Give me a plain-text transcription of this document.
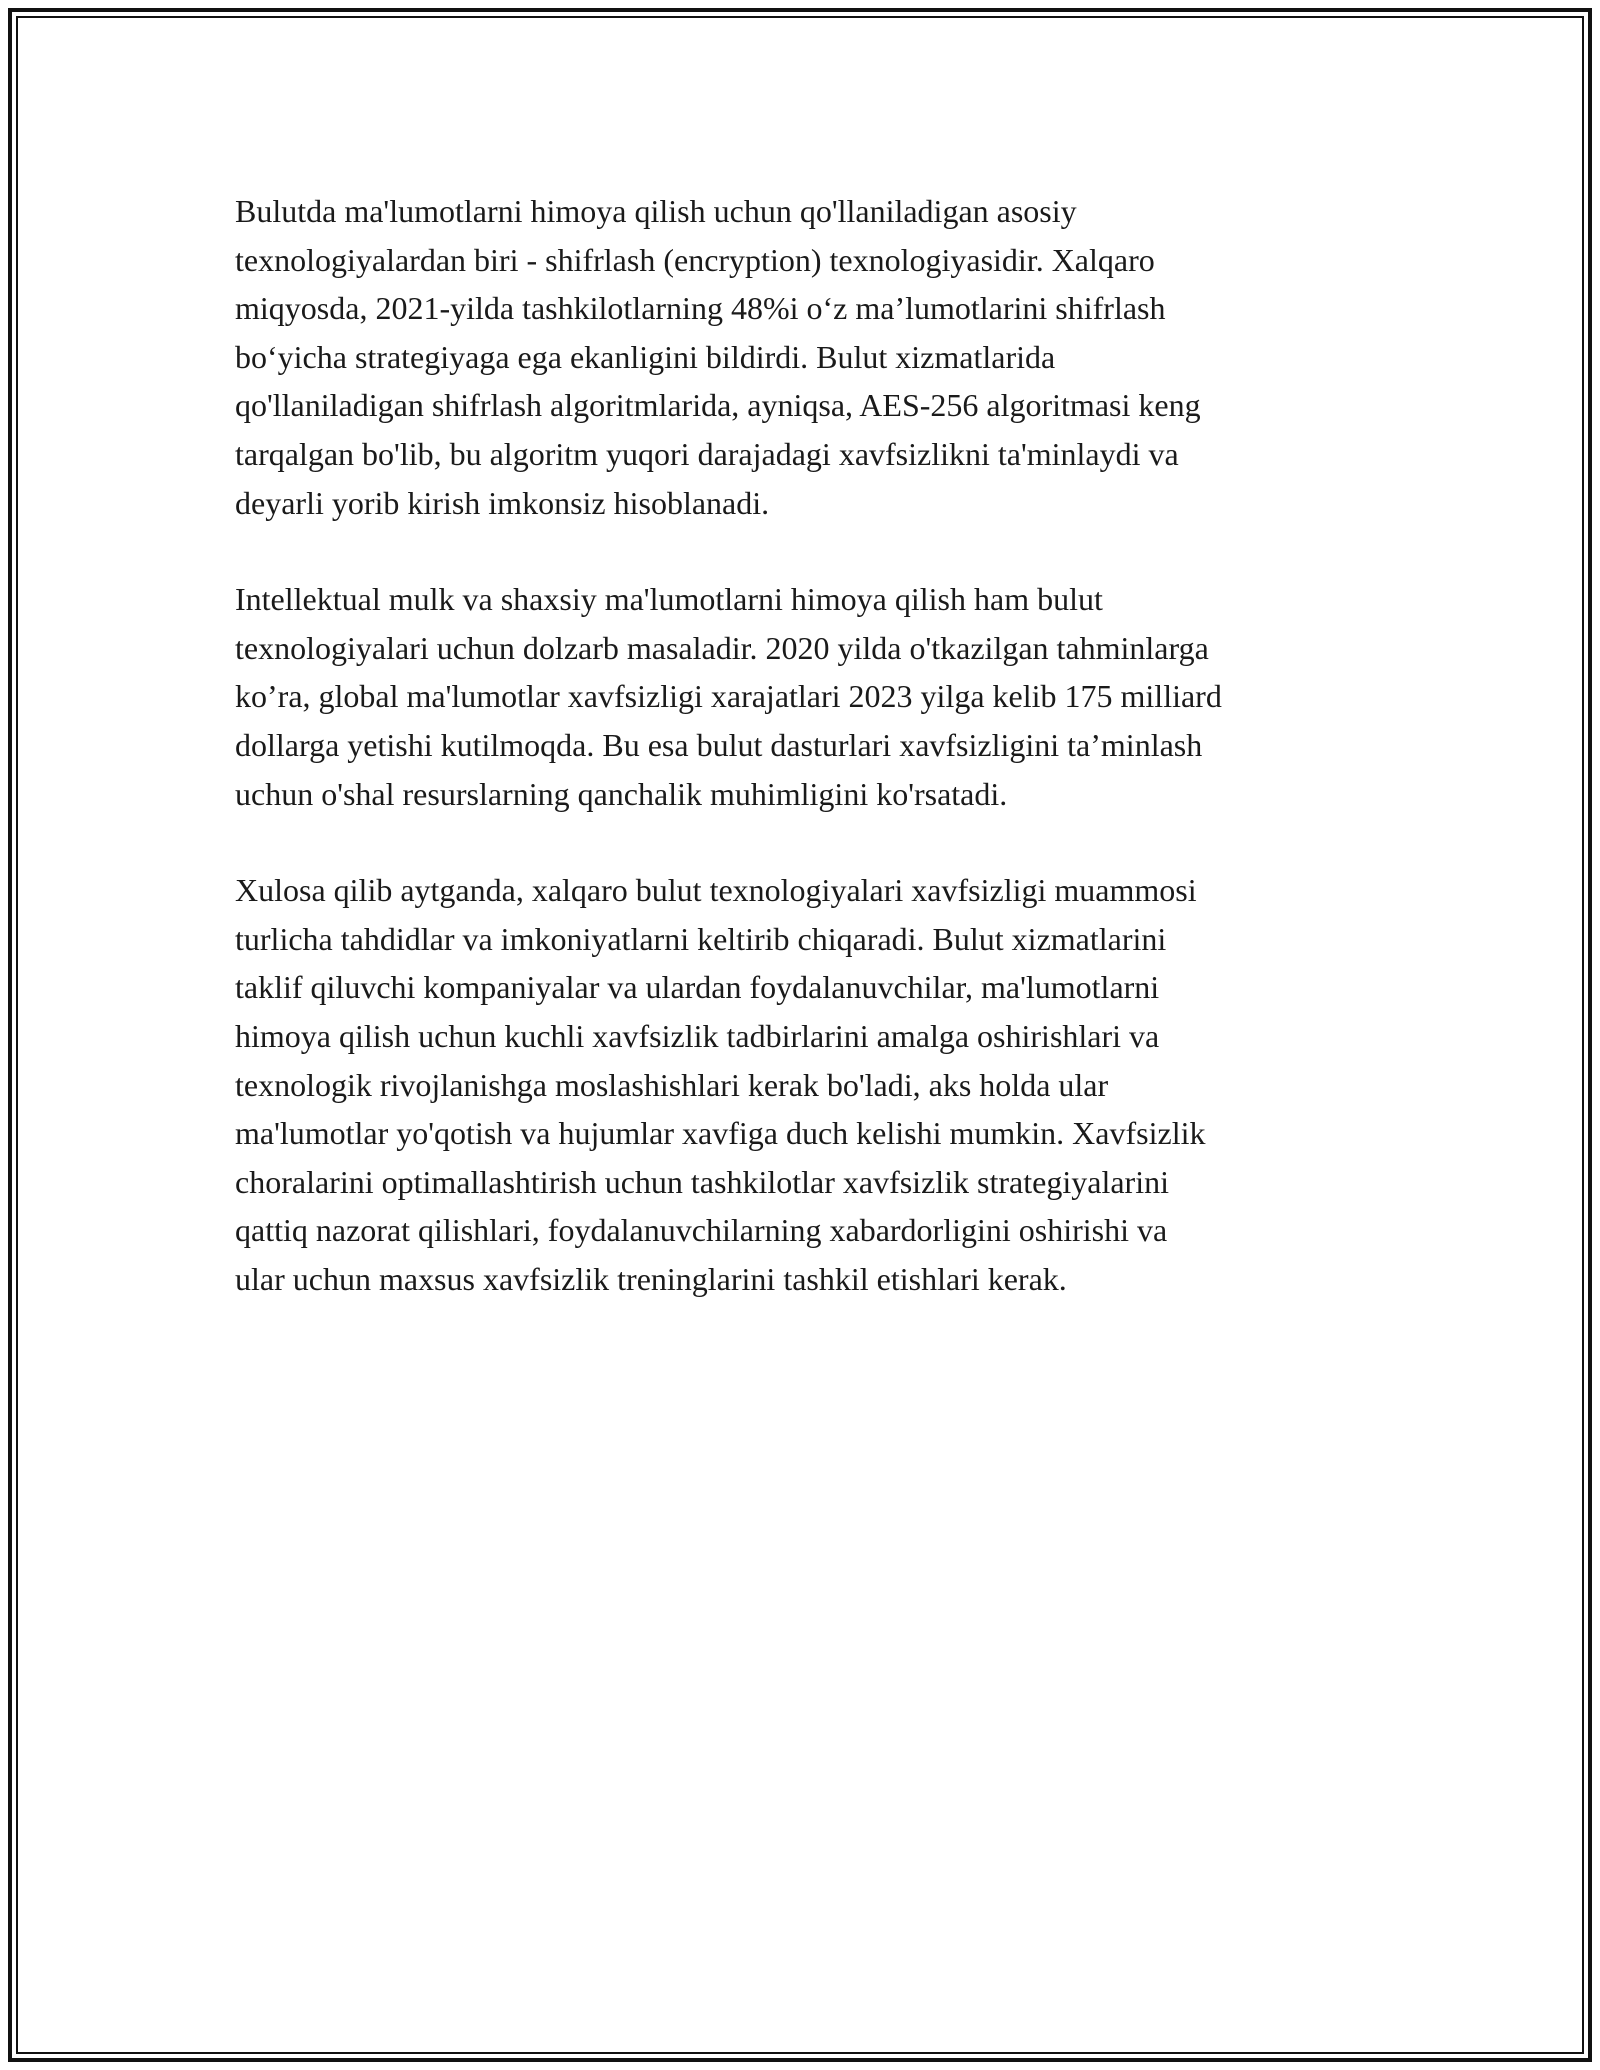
Bulutda ma'lumotlarni himoya qilish uchun qo'llaniladigan asosiy
texnologiyalardan biri - shifrlash (encryption) texnologiyasidir. Xalqaro
miqyosda, 2021-yilda tashkilotlarning 48%i o‘z ma’lumotlarini shifrlash
bo‘yicha strategiyaga ega ekanligini bildirdi. Bulut xizmatlarida
qo'llaniladigan shifrlash algoritmlarida, ayniqsa, AES-256 algoritmasi keng
tarqalgan bo'lib, bu algoritm yuqori darajadagi xavfsizlikni ta'minlaydi va
deyarli yorib kirish imkonsiz hisoblanadi.

Intellektual mulk va shaxsiy ma'lumotlarni himoya qilish ham bulut
texnologiyalari uchun dolzarb masaladir. 2020 yilda o'tkazilgan tahminlarga
ko’ra, global ma'lumotlar xavfsizligi xarajatlari 2023 yilga kelib 175 milliard
dollarga yetishi kutilmoqda. Bu esa bulut dasturlari xavfsizligini ta’minlash
uchun o'shal resurslarning qanchalik muhimligini ko'rsatadi.

Xulosa qilib aytganda, xalqaro bulut texnologiyalari xavfsizligi muammosi
turlicha tahdidlar va imkoniyatlarni keltirib chiqaradi. Bulut xizmatlarini
taklif qiluvchi kompaniyalar va ulardan foydalanuvchilar, ma'lumotlarni
himoya qilish uchun kuchli xavfsizlik tadbirlarini amalga oshirishlari va
texnologik rivojlanishga moslashishlari kerak bo'ladi, aks holda ular
ma'lumotlar yo'qotish va hujumlar xavfiga duch kelishi mumkin. Xavfsizlik
choralarini optimallashtirish uchun tashkilotlar xavfsizlik strategiyalarini
qattiq nazorat qilishlari, foydalanuvchilarning xabardorligini oshirishi va
ular uchun maxsus xavfsizlik treninglarini tashkil etishlari kerak.
